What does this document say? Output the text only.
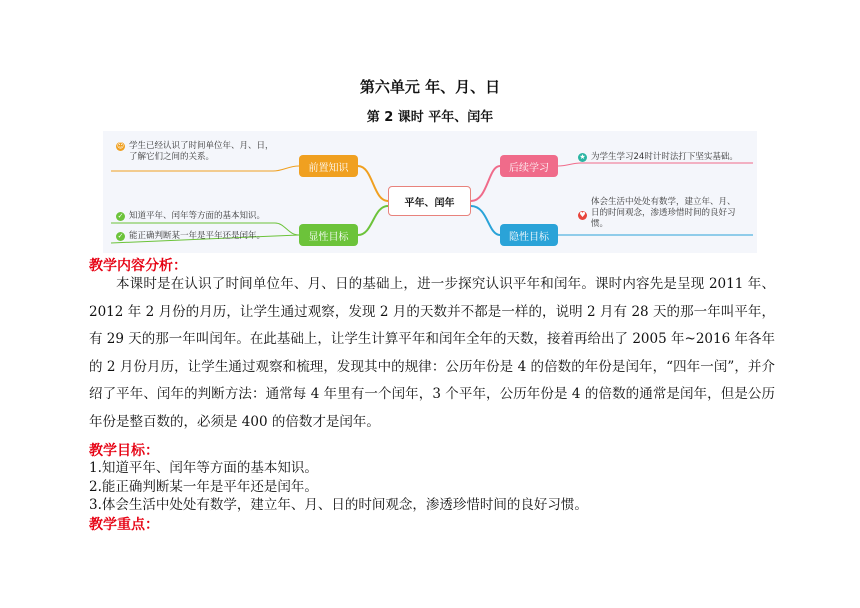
第六单元 年、月、日
第 2 课时 平年、闰年
平年、闰年
前置知识
显性目标
后续学习
隐性目标
☺ 学生已经认识了时间单位年、月、日，了解它们之间的关系。
✓ 知道平年、闰年等方面的基本知识。
✓ 能正确判断某一年是平年还是闰年。
★ 为学生学习24时计时法打下坚实基础。
♥
体会生活中处处有数学，建立年、月、日的时间观念，渗透珍惜时间的良好习惯。
教学内容分析：
本课时是在认识了时间单位年、月、日的基础上，进一步探究认识平年和闰年。课时内容先是呈现 2011 年、2012 年 2 月份的月历，让学生通过观察，发现 2 月的天数并不都是一样的，说明 2 月有 28 天的那一年叫平年，有 29 天的那一年叫闰年。在此基础上，让学生计算平年和闰年全年的天数，接着再给出了 2005 年~2016 年各年的 2 月份月历，让学生通过观察和梳理，发现其中的规律：公历年份是 4 的倍数的年份是闰年，“四年一闰”，并介绍了平年、闰年的判断方法：通常每 4 年里有一个闰年，3 个平年，公历年份是 4 的倍数的通常是闰年，但是公历年份是整百数的，必须是 400 的倍数才是闰年。
教学目标：
1.知道平年、闰年等方面的基本知识。
2.能正确判断某一年是平年还是闰年。
3.体会生活中处处有数学，建立年、月、日的时间观念，渗透珍惜时间的良好习惯。
教学重点：
